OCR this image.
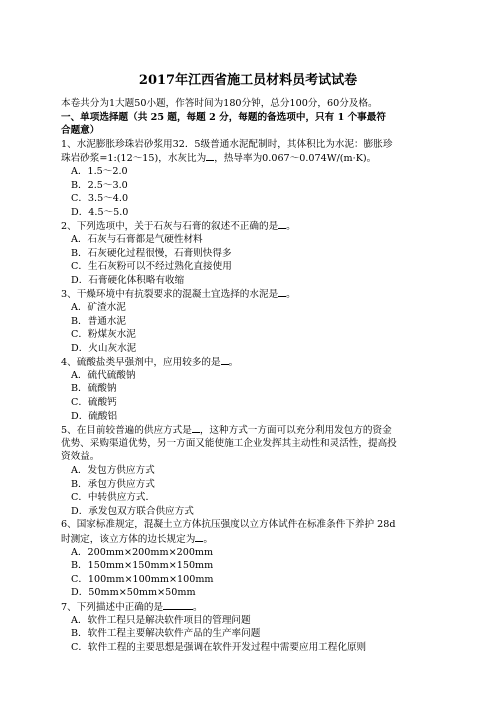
2017年江西省施工员材料员考试试卷
本卷共分为1大题50小题，作答时间为180分钟，总分100分，60分及格。
一、单项选择题（共 25 题，每题 2 分，每题的备选项中，只有 1 个事最符
合题意）
1、水泥膨胀珍珠岩砂浆用32．5级普通水泥配制时，其体积比为水泥：膨胀珍
珠岩砂浆=1:(12～15)，水灰比为 ，热导率为0.067～0.074W/(m·K)。
A．1.5～2.0
B．2.5～3.0
C．3.5～4.0
D．4.5～5.0
2、下列选项中，关于石灰与石膏的叙述不正确的是 。
A．石灰与石膏都是气硬性材料
B．石灰硬化过程很慢，石膏则快得多
C．生石灰粉可以不经过熟化直接使用
D．石膏硬化体积略有收缩
3、干燥环境中有抗裂要求的混凝土宜选择的水泥是 。
A．矿渣水泥
B．普通水泥
C．粉煤灰水泥
D．火山灰水泥
4、硫酸盐类早强剂中，应用较多的是 。
A．硫代硫酸钠
B．硫酸钠
C．硫酸钙
D．硫酸铝
5、在目前较普遍的供应方式是 ，这种方式一方面可以充分利用发包方的资金
优势、采购渠道优势，另一方面又能使施工企业发挥其主动性和灵活性，提高投
资效益。
A．发包方供应方式
B．承包方供应方式
C．中转供应方式．
D．承发包双方联合供应方式
6、国家标准规定，混凝土立方体抗压强度以立方体试件在标准条件下养护 28d
时测定，该立方体的边长规定为 。
A．200mm×200mm×200mm
B．150mm×150mm×150mm
C．100mm×100mm×100mm
D．50mm×50mm×50mm
7、下列描述中正确的是	。
A．软件工程只是解决软件项目的管理问题
B．软件工程主要解决软件产品的生产率问题
C．软件工程的主要思想是强调在软件开发过程中需要应用工程化原则
